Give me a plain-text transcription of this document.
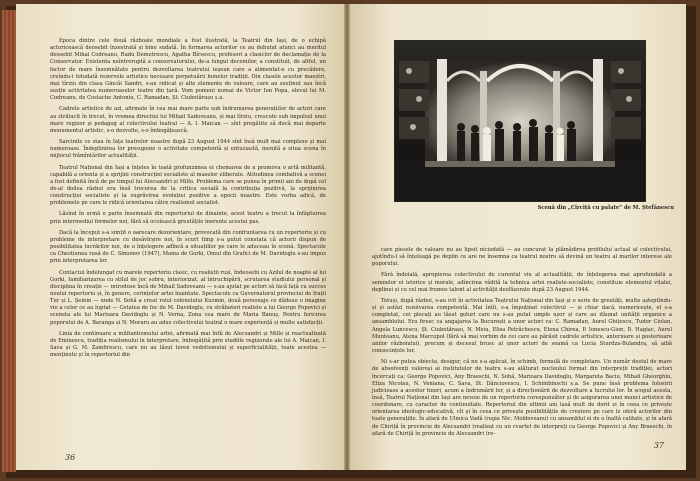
Epoca dintre cele două războaie mondiale a fost ilustrată, la Teatrul din Iași, de o echipă actoricească deosebit înzestrată și bine sudată. În formarea actorilor ce au debutat atunci au meritul deosebit Mihai Codreanu, Radu Demetrescu, Agatha Bîrsescu, profesori a clasiclor de declamație de la Conservator. Existenta neîntreruptă a conservatorului, de-a lungul deceniilor, a constituit, de altfel, un factor de mare însemnătate pentru dezvoltarea teatrului ieșean care a alimentat-o cu precădere, creîndu-i totodată rezervele artistice necesare perpetuării bunelor tradiții. Din clasele acestor maeștri, mai tîrziu din clasa Gincăi Sandri, s-au ridicat și alte elemente de valoare, care au susținut sau încă susțin activitatea numeroaselor teatre din țară. Vom pomeni numai de Victor Ion Popa, elevul lui M. Codreanu, de Costache Antoniu, C. Ramadan, Șt. Ciubotărașu ș.a.

Cadrele artistice de azi, afirmate în cea mai mare parte sub îndrumarea generațiilor de actori care au strălucit în trecut, în vremea directiei lui Mihail Sadoveanu, și mai tîrziu, crescute sub impulsul unui mare regizor și pedagog al colectivului teatral — A. I. Maican — sînt pregătite să ducă mai departe monumentul artistic, s-o dezvolte, s-o îmbogățească.

Sarcinile ce stau în fața teatrelor noastre după 23 August 1944 sînt însă mult mai complexe și mai numeroase. Îndeplinirea lor presupune o activitate competentă și entuziastă, menită a situa scena în mijlocul frămîntărilor actualității.

Teatrul Național din Iași a înțeles în toată profunzimea ei chemarea de a promova o artă militantă, capabilă a orienta și a sprijini construcției socialiste al maselor eliberate. Atitudinea combativă a scenei a fost definită încă de pe timpul lui Alecsandri și Millo. Problema care se punea în primii ani de după cel de-al doilea război era însă trecerea de la critica socială la contribuția pozitivă, la sprijinirea construcției socialiste și la zugrăvirea evoluției pozitive a epocii noastre. Este vorba adică, de problemele pe care le ridică orientarea către realismul socialist.

Lăsînd în urmă o parte însemnată din repertoriul de dinainte, acest teatru a trecut la înfăptuirea prin intermediul formelor noi, fără să ocolească greutățile inerente acestui pas.

Dacă la început s-a simțit o oarecare dezorientare, provocată din confruntarea cu un repertoriu și cu probleme de interpretare cu desăvîrșire noi, în scurt timp s-a putut constata că actorii dispun de posibilitatea lucrărilor noi, de o înțelegere adîncă a situațiilor pe care le aduceau în scenă. Spectacole ca Chestiunea rusă de C. Simonov (1947), Mama de Gorki, Omul din Grafici de M. Davidoglu s-au impus prin interpretarea lor.

Contactul îndelungat cu marele repertoriu clasic, cu realiștii ruși, îndeosebi cu Azilul de noapte al lui Gorki, familiarizarea cu stilul de joc sobru, interiorizat, al întruchipării, scrutarea studiului personal și disciplina în creație — introduse încă de Mihail Sadoveanu — s-au ajutat pe actori să facă față cu succes noului repertoriu și, în genere, cerințelor artei înaintate. Spectacole ca Guvernatorul provinciei de frații Tur și L. Șeinin — unde N. Sohă a creat rolul colonelului Kuzmin, două personaje ce dădeau o imagine vie a celor ce au luptat — Cetatea de foc de M. Davidoglu, cu străbateri realiste a lui George Popovici și sceneta ale lui Marioara Davidoglu și N. Verna, Zona cea mare de Maria Banuș, Pentru fericirea poporului de A. Baranga și N. Moraru au adus colectivului teatral o mare experiență și multe satisfacții.

Linia de continuare a militantismului artei, afirmată mai întîi de Alecsandri și Millo și reactualizată de Eminescu, tradiția realismului în interpretare, îmbogățită prin studiile regizorale ale lui A. Maican, I. Sava și G. M. Zamfirescu, care nu au lăsut teren vedetismului și superficialității, toate acestea — menținute și în repertoriul din

36
Scenă din „Cîrciță cu palate” de M. Ștefănescu

care piesele de valoare nu au lipsit niciodată — au concurat la plămădirea profilului actual al colectivului, ajutîndu-l să înțeleagă pe deplin ce are ne însemna ca teatrul nostru să devină un teatru al marilor interese ale poporului.

Fără îndoială, apropierea colectivului de curentul viu al actualității, de înțelegerea mai aprofundată a semnelor ei istorice și morale, adîncirea vădită la tehnica artei realiste-socialiste, constituie elementul vitalei, deplinei și cu cel mai frumos talent al activității desfășurate după 23 August 1944.

Totuși, după război, s-au ivit în activitatea Teatrului Național din Iași și o serie de greutăți, multe așteptîndu-și și astăzi rezolvarea competentă. Mai întîi, s-a împuținat colectivul — și chiar dacă, numericește, el s-a completat, cei plecați au lăsat goluri care nu s-au putut umple ușor și care au dăunat unității organice a ansamblului. Era firesc ca angajarea la București a unor actori ca: C. Ramadan, Aurel Ghițescu, Tudor Ciolan, Angela Luncescu, Șt. Ciubotărașu, N. Meiu, Elisa Petrăchescu, Elena Chirea, P. Ionescu-Gion, D. Hagiac, Aurel Munteanu, Atena Marcopol (fără să mai vorbim de cei care au părăsit cadrele artistice, anterioare și posterioare anilor războiului), precum și decesul brusc al unor actori de seamă ca Lucia Sturdza-Bulandra, să aibă consecințele lor.

Ni s-ar putea obiecta, desigur, că nu s-a aplicat, în schimb, formulă de completare. Un număr destul de mare de absolvenți valoroși ai institutelor de teatru s-au alăturat nucleului format din interpreții tradiției, actori încercați ca: George Popovici, Any Braeschi, N. Sohă, Marioara Davidoglu, Margareta Baciu, Mihail Gheorghiu, Eliza Nicolau, N. Veniana, C. Sava, St. Dănciovescu, I. Schimbinschi ș.a. Se pune însă problema folosirii judicioase a acestor tineri, acum a îndrumării lor, și a direcționării de dezvoltare a lucrului lor. În scopul acesta, însă, Teatrul Național din Iași are nevoie de un repertoriu corespunzător și de asigurarea unei munci artistice de coordonare, cu caracter de continuitate. Repertoriul din ultimii ani lasă mult de dorit și în ceea ce privește orientarea ideologic-educativă, cît și în ceea ce privește posibilitățile de creștere pe care le oferă actorilor din toate generațiile. În afară de Ulmica Vadă (regia Nic. Moldoveanu) cu ansamblul ei de o înaltă calitate, și în afară de Chiriță în provincie de Alecsandri (realizat cu un cvartet de interpreți ca George Popovici și Any Braeschi, în afară de Chiriță în provincie de Alecsandri (re-

37
